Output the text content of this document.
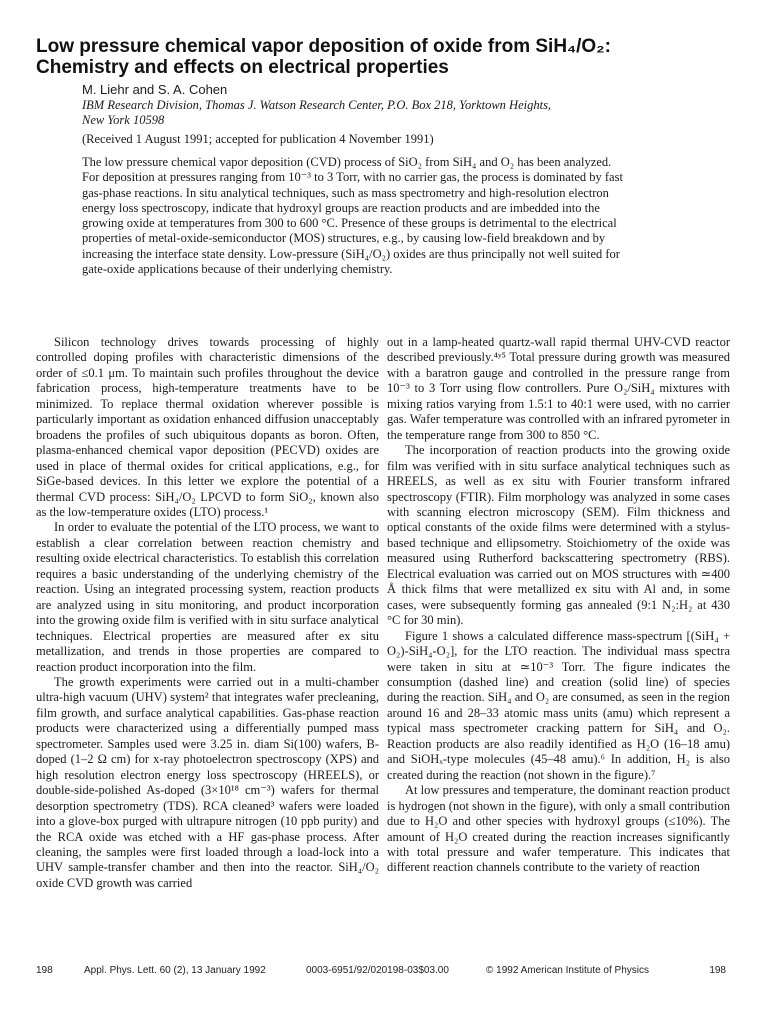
Low pressure chemical vapor deposition of oxide from SiH₄/O₂:
Chemistry and effects on electrical properties
M. Liehr and S. A. Cohen
IBM Research Division, Thomas J. Watson Research Center, P.O. Box 218, Yorktown Heights,
New York 10598
(Received 1 August 1991; accepted for publication 4 November 1991)

The low pressure chemical vapor deposition (CVD) process of SiO₂ from SiH₄ and O₂ has been analyzed. For deposition at pressures ranging from 10⁻³ to 3 Torr, with no carrier gas, the process is dominated by fast gas-phase reactions. In situ analytical techniques, such as mass spectrometry and high-resolution electron energy loss spectroscopy, indicate that hydroxyl groups are reaction products and are imbedded into the growing oxide at temperatures from 300 to 600 °C. Presence of these groups is detrimental to the electrical properties of metal-oxide-semiconductor (MOS) structures, e.g., by causing low-field breakdown and by increasing the interface state density. Low-pressure (SiH₄/O₂) oxides are thus principally not well suited for gate-oxide applications because of their underlying chemistry.

Silicon technology drives towards processing of highly controlled doping profiles with characteristic dimensions of the order of ≤0.1 μm. To maintain such profiles throughout the device fabrication process, high-temperature treatments have to be minimized. To replace thermal oxidation wherever possible is particularly important as oxidation enhanced diffusion unacceptably broadens the profiles of such ubiquitous dopants as boron. Often, plasma-enhanced chemical vapor deposition (PECVD) oxides are used in place of thermal oxides for critical applications, e.g., for SiGe-based devices. In this letter we explore the potential of a thermal CVD process: SiH₄/O₂ LPCVD to form SiO₂, known also as the low-temperature oxides (LTO) process.¹

In order to evaluate the potential of the LTO process, we want to establish a clear correlation between reaction chemistry and resulting oxide electrical characteristics. To establish this correlation requires a basic understanding of the underlying chemistry of the reaction. Using an integrated processing system, reaction products are analyzed using in situ monitoring, and product incorporation into the growing oxide film is verified with in situ surface analytical techniques. Electrical properties are measured after ex situ metallization, and trends in those properties are compared to reaction product incorporation into the film.

The growth experiments were carried out in a multi-chamber ultra-high vacuum (UHV) system² that integrates wafer precleaning, film growth, and surface analytical capabilities. Gas-phase reaction products were characterized using a differentially pumped mass spectrometer. Samples used were 3.25 in. diam Si(100) wafers, B-doped (1–2 Ω cm) for x-ray photoelectron spectroscopy (XPS) and high resolution electron energy loss spectroscopy (HREELS), or double-side-polished As-doped (3×10¹⁸ cm⁻³) wafers for thermal desorption spectrometry (TDS). RCA cleaned³ wafers were loaded into a glove-box purged with ultrapure nitrogen (10 ppb purity) and the RCA oxide was etched with a HF gas-phase process. After cleaning, the samples were first loaded through a load-lock into a UHV sample-transfer chamber and then into the reactor. SiH₄/O₂ oxide CVD growth was carried

out in a lamp-heated quartz-wall rapid thermal UHV-CVD reactor described previously.⁴ʸ⁵ Total pressure during growth was measured with a baratron gauge and controlled in the pressure range from 10⁻³ to 3 Torr using flow controllers. Pure O₂/SiH₄ mixtures with mixing ratios varying from 1.5:1 to 40:1 were used, with no carrier gas. Wafer temperature was controlled with an infrared pyrometer in the temperature range from 300 to 850 °C.

The incorporation of reaction products into the growing oxide film was verified with in situ surface analytical techniques such as HREELS, as well as ex situ with Fourier transform infrared spectroscopy (FTIR). Film morphology was analyzed in some cases with scanning electron microscopy (SEM). Film thickness and optical constants of the oxide films were determined with a stylus-based technique and ellipsometry. Stoichiometry of the oxide was measured using Rutherford backscattering spectrometry (RBS). Electrical evaluation was carried out on MOS structures with ≃400 Å thick films that were metallized ex situ with Al and, in some cases, were subsequently forming gas annealed (9:1 N₂:H₂ at 430 °C for 30 min).

Figure 1 shows a calculated difference mass-spectrum [(SiH₄ + O₂)-SiH₄-O₂], for the LTO reaction. The individual mass spectra were taken in situ at ≃10⁻³ Torr. The figure indicates the consumption (dashed line) and creation (solid line) of species during the reaction. SiH₄ and O₂ are consumed, as seen in the region around 16 and 28–33 atomic mass units (amu) which represent a typical mass spectrometer cracking pattern for SiH₄ and O₂. Reaction products are also readily identified as H₂O (16–18 amu) and SiOHₓ-type molecules (45–48 amu).⁶ In addition, H₂ is also created during the reaction (not shown in the figure).⁷

At low pressures and temperature, the dominant reaction product is hydrogen (not shown in the figure), with only a small contribution due to H₂O and other species with hydroxyl groups (≤10%). The amount of H₂O created during the reaction increases significantly with total pressure and wafer temperature. This indicates that different reaction channels contribute to the variety of reaction

198	Appl. Phys. Lett. 60 (2), 13 January 1992	0003-6951/92/020198-03$03.00	© 1992 American Institute of Physics	198
